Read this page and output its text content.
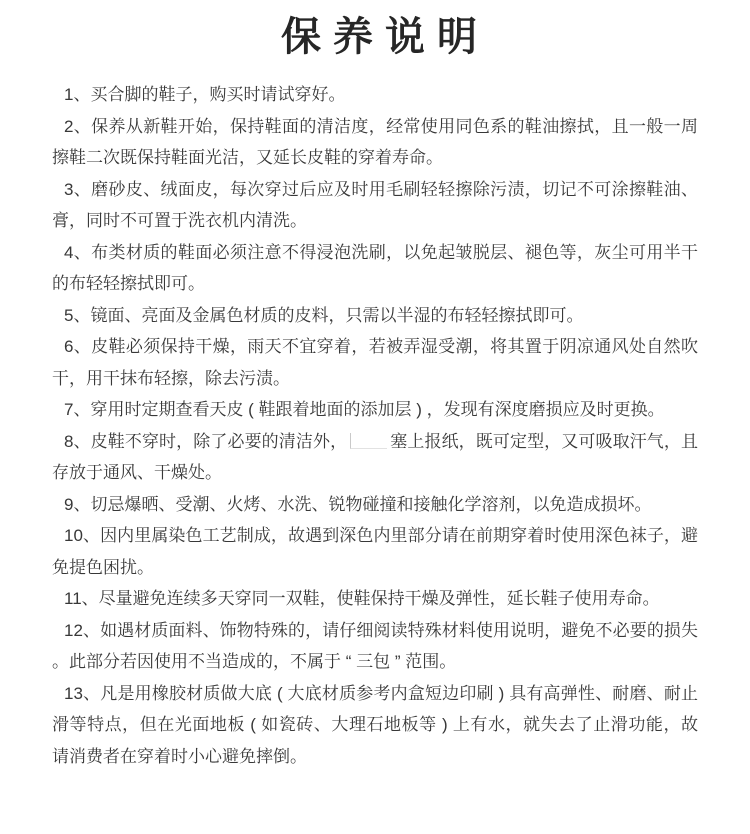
保养说明
1、买合脚的鞋子，购买时请试穿好。
2、保养从新鞋开始，保持鞋面的清洁度，经常使用同色系的鞋油擦拭，且一般一周
擦鞋二次既保持鞋面光洁，又延长皮鞋的穿着寿命。
3、磨砂皮、绒面皮，每次穿过后应及时用毛刷轻轻擦除污渍，切记不可涂擦鞋油、
膏，同时不可置于洗衣机内清洗。
4、布类材质的鞋面必须注意不得浸泡洗刷，以免起皱脱层、褪色等，灰尘可用半干
的布轻轻擦拭即可。
5、镜面、亮面及金属色材质的皮料，只需以半湿的布轻轻擦拭即可。
6、皮鞋必须保持干燥，雨天不宜穿着，若被弄湿受潮，将其置于阴凉通风处自然吹
干，用干抹布轻擦，除去污渍。
7、穿用时定期查看天皮 ( 鞋跟着地面的添加层 ) ，发现有深度磨损应及时更换。
8、皮鞋不穿时，除了必要的清洁外，	塞上报纸，既可定型，又可吸取汗气，且
存放于通风、干燥处。
9、切忌爆晒、受潮、火烤、水洗、锐物碰撞和接触化学溶剂，以免造成损坏。
10、因内里属染色工艺制成，故遇到深色内里部分请在前期穿着时使用深色袜子，避
免提色困扰。
11、尽量避免连续多天穿同一双鞋，使鞋保持干燥及弹性，延长鞋子使用寿命。
12、如遇材质面料、饰物特殊的，请仔细阅读特殊材料使用说明，避免不必要的损失
。此部分若因使用不当造成的，不属于 “ 三包 ” 范围。
13、凡是用橡胶材质做大底 ( 大底材质参考内盒短边印刷 ) 具有高弹性、耐磨、耐止
滑等特点，但在光面地板 ( 如瓷砖、大理石地板等 ) 上有水，就失去了止滑功能，故
请消费者在穿着时小心避免摔倒。
